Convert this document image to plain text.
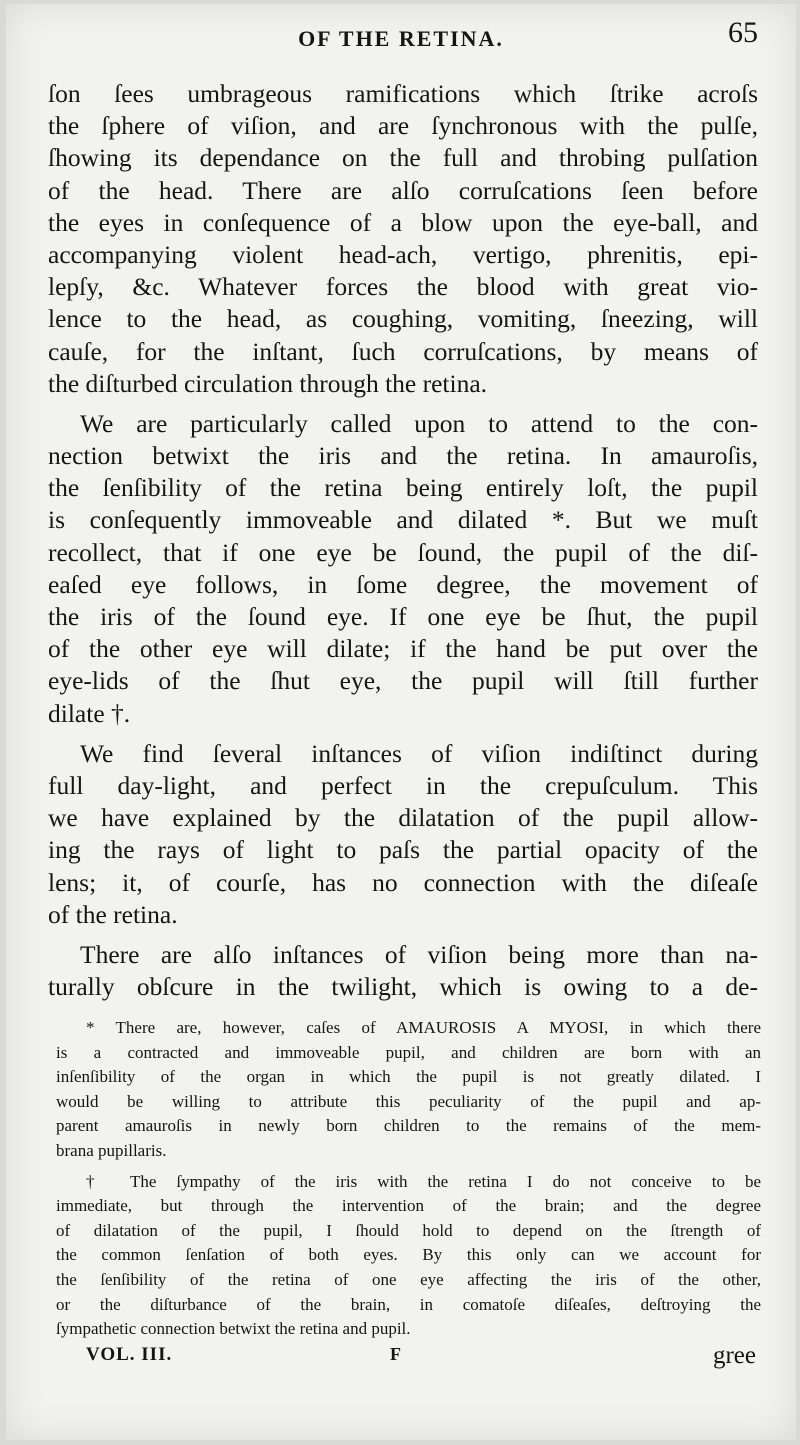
OF THE RETINA.	65
ſon ſees umbrageous ramifications which ſtrike acroſs
the ſphere of viſion, and are ſynchronous with the pulſe,
ſhowing its dependance on the full and throbing pulſation
of the head. There are alſo corruſcations ſeen before
the eyes in conſequence of a blow upon the eye-ball, and
accompanying violent head-ach, vertigo, phrenitis, epi-
lepſy, &c. Whatever forces the blood with great vio-
lence to the head, as coughing, vomiting, ſneezing, will
cauſe, for the inſtant, ſuch corruſcations, by means of
the diſturbed circulation through the retina.
We are particularly called upon to attend to the con-
nection betwixt the iris and the retina. In amauroſis,
the ſenſibility of the retina being entirely loſt, the pupil
is conſequently immoveable and dilated *. But we muſt
recollect, that if one eye be ſound, the pupil of the diſ-
eaſed eye follows, in ſome degree, the movement of
the iris of the ſound eye. If one eye be ſhut, the pupil
of the other eye will dilate; if the hand be put over the
eye-lids of the ſhut eye, the pupil will ſtill further
dilate †.
We find ſeveral inſtances of viſion indiſtinct during
full day-light, and perfect in the crepuſculum. This
we have explained by the dilatation of the pupil allow-
ing the rays of light to paſs the partial opacity of the
lens; it, of courſe, has no connection with the diſeaſe
of the retina.
There are alſo inſtances of viſion being more than na-
turally obſcure in the twilight, which is owing to a de-
* There are, however, caſes of AMAUROSIS A MYOSI, in which there
is a contracted and immoveable pupil, and children are born with an
inſenſibility of the organ in which the pupil is not greatly dilated. I
would be willing to attribute this peculiarity of the pupil and ap-
parent amauroſis in newly born children to the remains of the mem-
brana pupillaris.
† The ſympathy of the iris with the retina I do not conceive to be
immediate, but through the intervention of the brain; and the degree
of dilatation of the pupil, I ſhould hold to depend on the ſtrength of
the common ſenſation of both eyes. By this only can we account for
the ſenſibility of the retina of one eye affecting the iris of the other,
or the diſturbance of the brain, in comatoſe diſeaſes, deſtroying the
ſympathetic connection betwixt the retina and pupil.
VOL. III.	F	gree
